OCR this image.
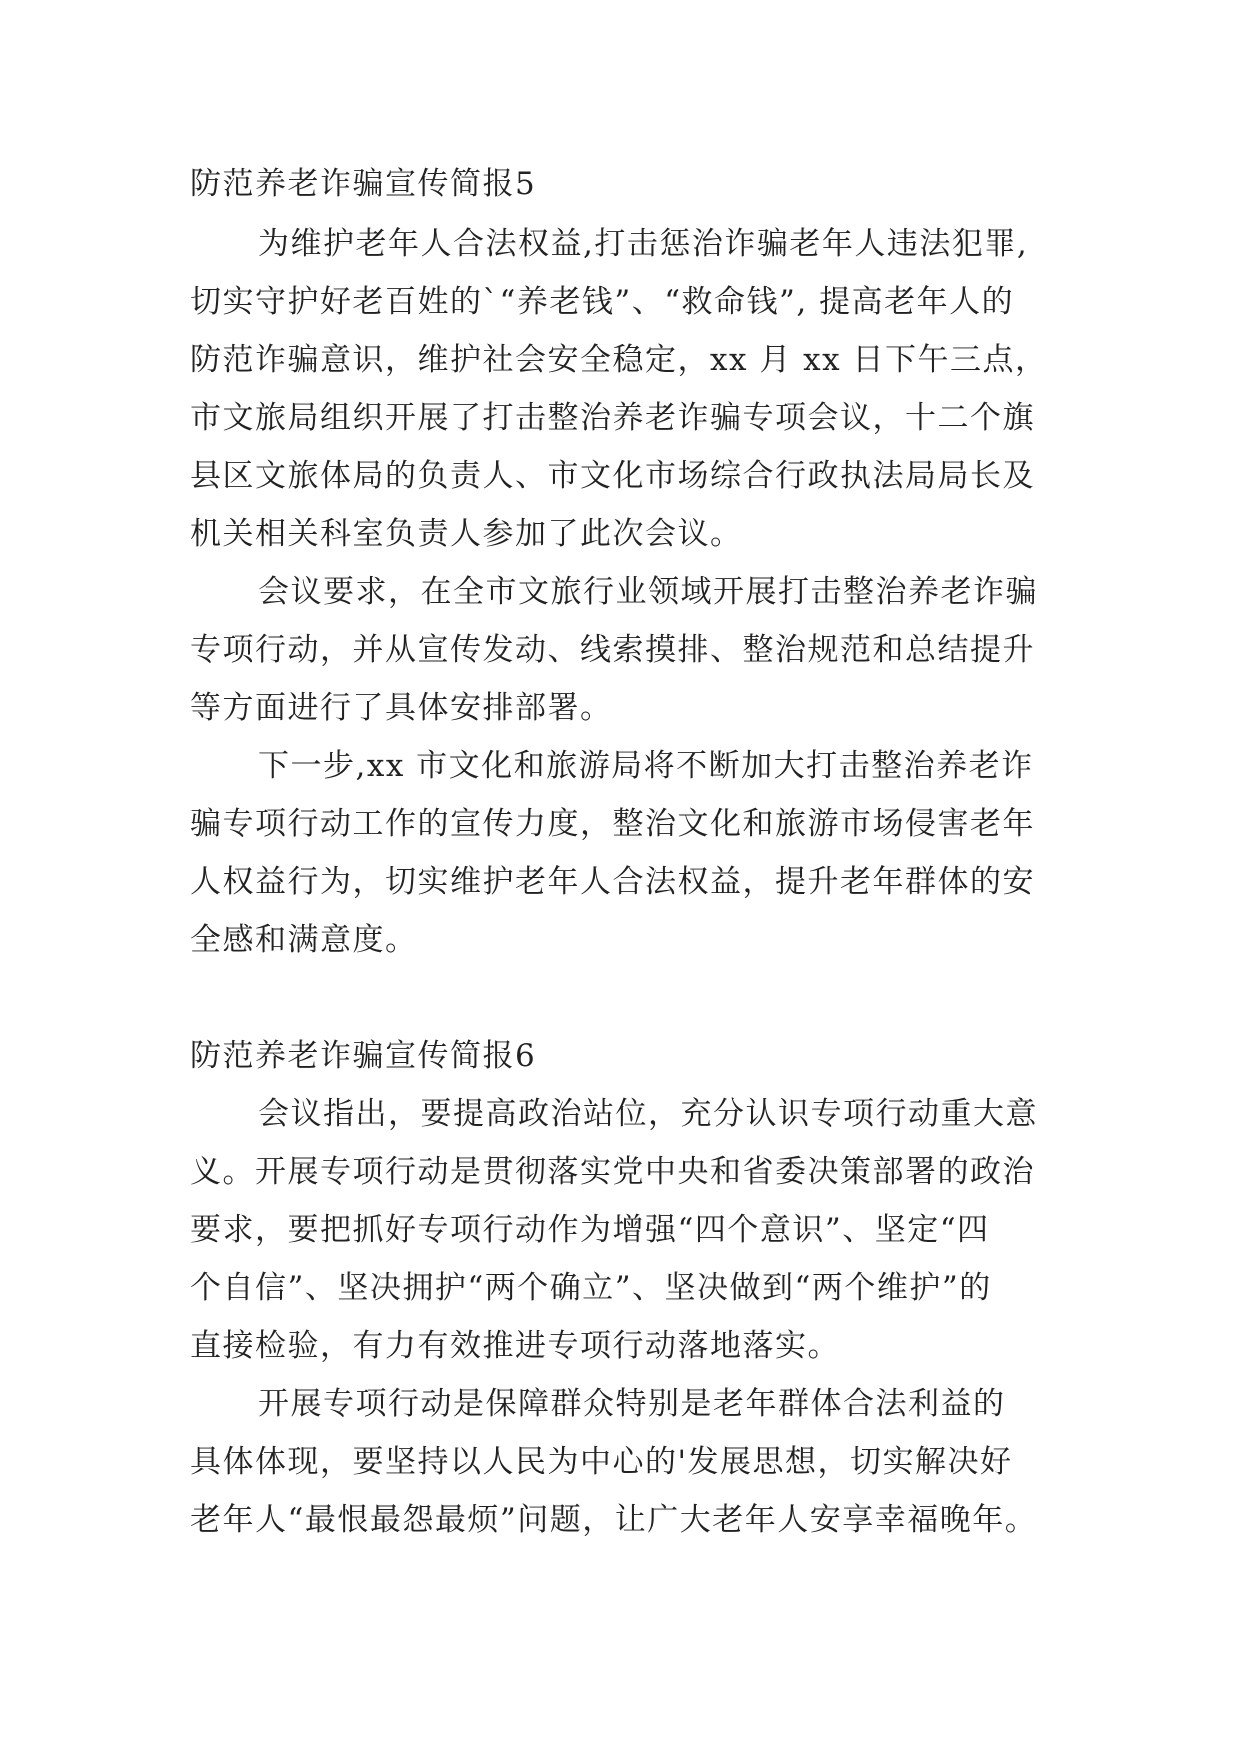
防范养老诈骗宣传简报5
为维护老年人合法权益,打击惩治诈骗老年人违法犯罪,
切实守护好老百姓的`“养老钱”、“救命钱”, 提高老年人的
防范诈骗意识，维护社会安全稳定，xx 月 xx 日下午三点，
市文旅局组织开展了打击整治养老诈骗专项会议，十二个旗
县区文旅体局的负责人、市文化市场综合行政执法局局长及
机关相关科室负责人参加了此次会议。
会议要求，在全市文旅行业领域开展打击整治养老诈骗
专项行动，并从宣传发动、线索摸排、整治规范和总结提升
等方面进行了具体安排部署。
下一步,xx 市文化和旅游局将不断加大打击整治养老诈
骗专项行动工作的宣传力度，整治文化和旅游市场侵害老年
人权益行为，切实维护老年人合法权益，提升老年群体的安
全感和满意度。
防范养老诈骗宣传简报6
会议指出，要提高政治站位，充分认识专项行动重大意
义。开展专项行动是贯彻落实党中央和省委决策部署的政治
要求，要把抓好专项行动作为增强“四个意识”、坚定“四
个自信”、坚决拥护“两个确立”、坚决做到“两个维护”的
直接检验，有力有效推进专项行动落地落实。
开展专项行动是保障群众特别是老年群体合法利益的
具体体现，要坚持以人民为中心的'发展思想，切实解决好
老年人“最恨最怨最烦”问题，让广大老年人安享幸福晚年。
